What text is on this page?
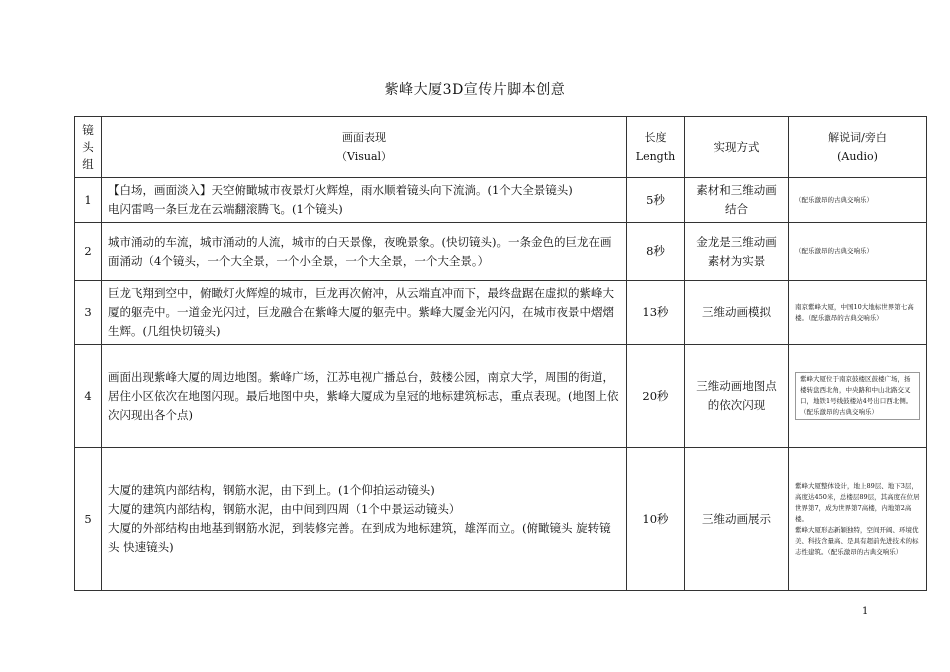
紫峰大厦3D宣传片脚本创意
镜
头
组	画面表现
（Visual）	长度
Length	实现方式	解说词/旁白
(Audio)

1	【白场，画面淡入】天空俯瞰城市夜景灯火辉煌，雨水顺着镜头向下流淌。(1个大全景镜头)
电闪雷鸣一条巨龙在云端翻滚腾飞。(1个镜头)	5秒	素材和三维动画结合	（配乐激昂的古典交响乐）

2	城市涌动的车流，城市涌动的人流，城市的白天景像，夜晚景象。(快切镜头)。一条金色的巨龙在画面涌动（4个镜头，一个大全景，一个小全景，一个大全景，一个大全景。）	8秒	金龙是三维动画素材为实景	（配乐激昂的古典交响乐）

3	巨龙飞翔到空中，俯瞰灯火辉煌的城市，巨龙再次俯冲，从云端直冲而下，最终盘踞在虚拟的紫峰大厦的躯壳中。一道金光闪过，巨龙融合在紫峰大厦的躯壳中。紫峰大厦金光闪闪，在城市夜景中熠熠生辉。(几组快切镜头)	13秒	三维动画模拟	南京紫峰大厦，中国10大地标世界第七高楼。（配乐激昂的古典交响乐）

4	画面出现紫峰大厦的周边地图。紫峰广场，江苏电视广播总台，鼓楼公园，南京大学，周围的街道，居住小区依次在地图闪现。最后地图中央，紫峰大厦成为皇冠的地标建筑标志，重点表现。(地图上依次闪现出各个点)	20秒	三维动画地图点的依次闪现	紫峰大厦位于南京鼓楼区鼓楼广场，扬楼转盘西北角，中央路和中山北路交叉口，地铁1号线鼓楼站4号出口西北侧。（配乐激昂的古典交响乐）

5	大厦的建筑内部结构，钢筋水泥，由下到上。(1个仰拍运动镜头)
大厦的建筑内部结构，钢筋水泥，由中间到四周（1个中景运动镜头）
大厦的外部结构由地基到钢筋水泥，到装修完善。在到成为地标建筑，雄浑而立。(俯瞰镜头 旋转镜头 快速镜头)	10秒	三维动画展示	紫峰大厦整体设计，地上89层、地下3层，高度达450米，总楼层89层，其高度在位居世界第7，成为世界第7高楼，内地第2高楼。
紫峰大厦形态新颖独特，空间开阔、环境优美、科技含量高、是具有超前先进技术的标志性建筑。（配乐激昂的古典交响乐）
1
